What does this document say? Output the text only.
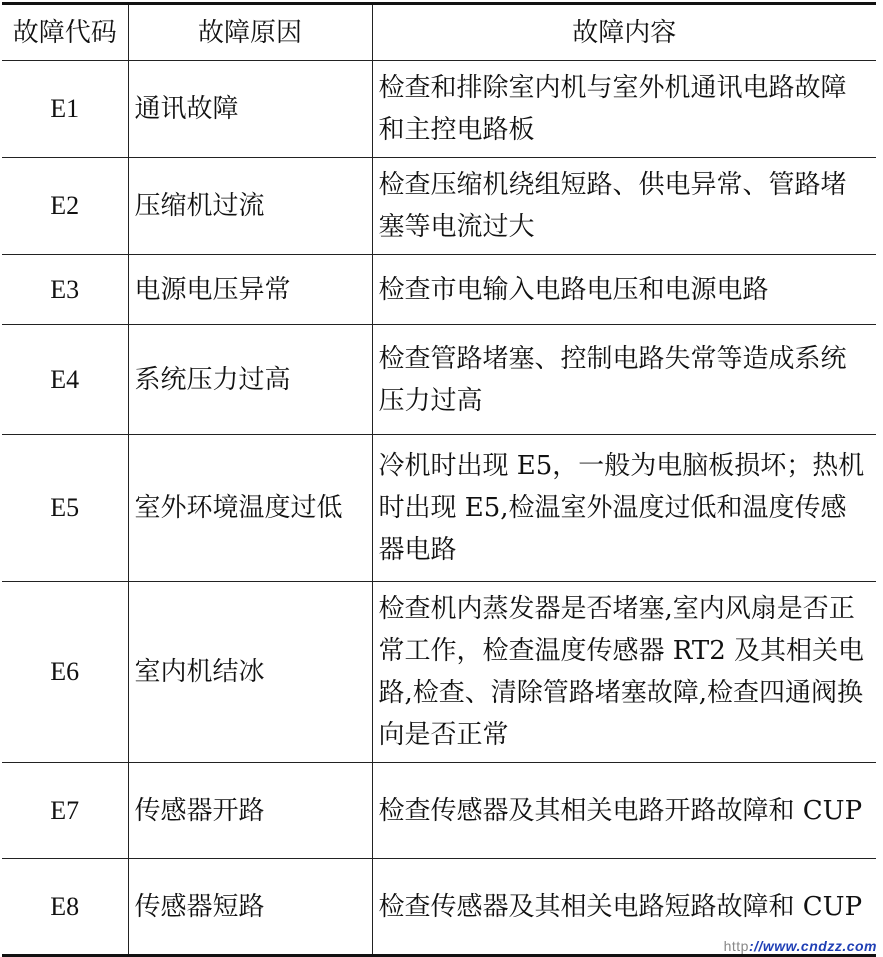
故障代码	故障原因	故障内容
E1	通讯故障	检查和排除室内机与室外机通讯电路故障和主控电路板
E2	压缩机过流	检查压缩机绕组短路、供电异常、管路堵塞等电流过大
E3	电源电压异常	检查市电输入电路电压和电源电路
E4	系统压力过高	检查管路堵塞、控制电路失常等造成系统压力过高
E5	室外环境温度过低	冷机时出现 E5，一般为电脑板损坏；热机时出现 E5,检温室外温度过低和温度传感器电路
E6	室内机结冰	检查机内蒸发器是否堵塞,室内风扇是否正常工作，检查温度传感器 RT2 及其相关电路,检查、清除管路堵塞故障,检查四通阀换向是否正常
E7	传感器开路	检查传感器及其相关电路开路故障和 CUP
E8	传感器短路	检查传感器及其相关电路短路故障和 CUP
http://www.cndzz.com
